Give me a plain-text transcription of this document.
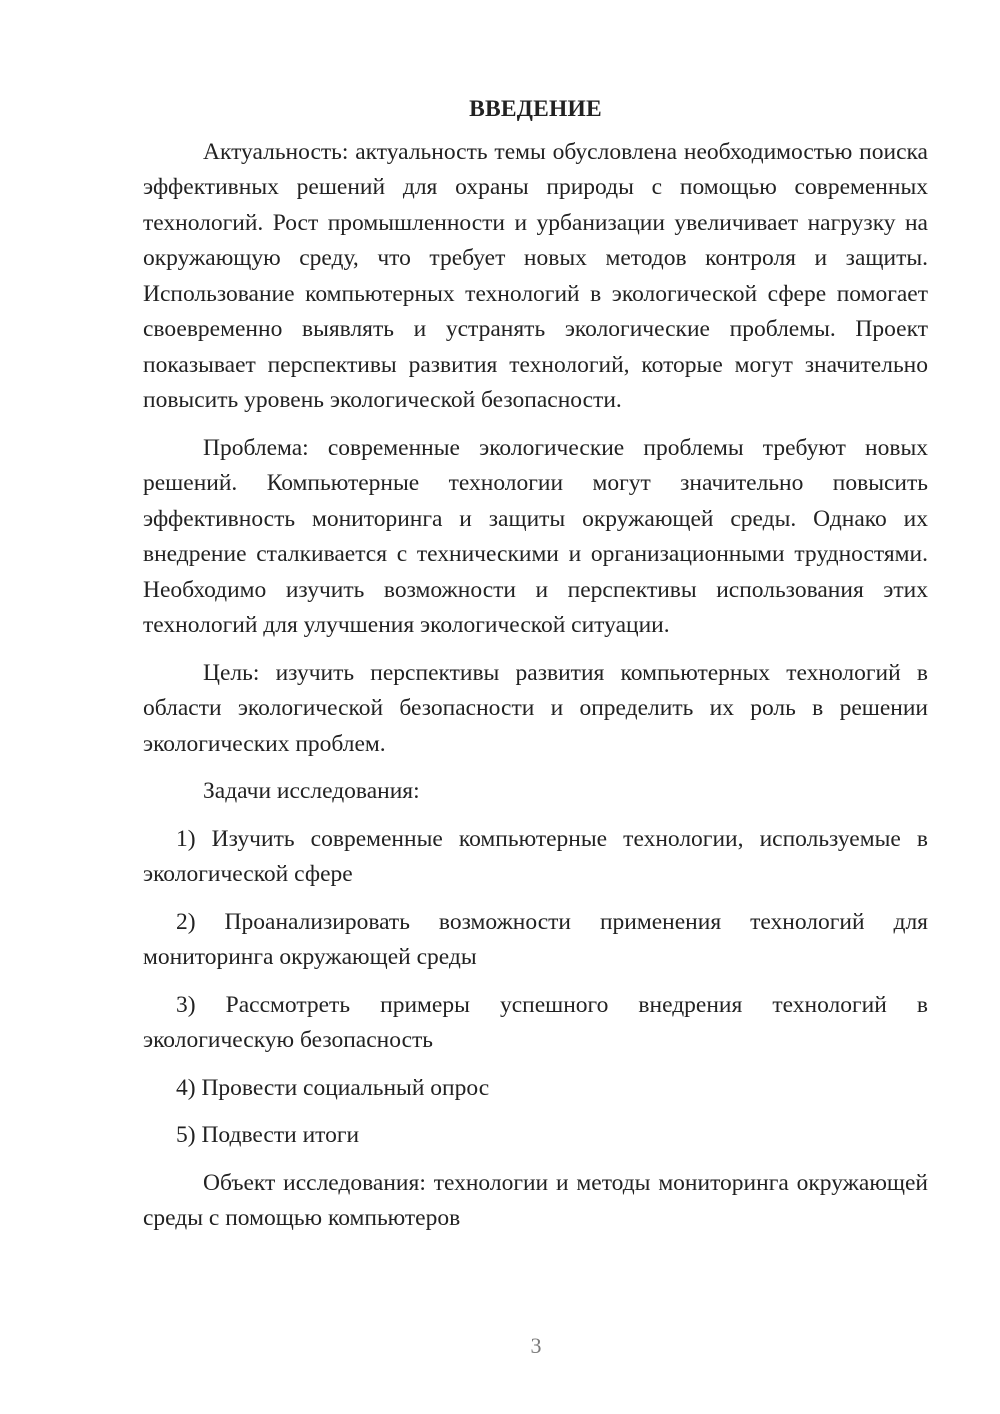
ВВЕДЕНИЕ

Актуальность: актуальность темы обусловлена необходимостью поиска эффективных решений для охраны природы с помощью современных технологий. Рост промышленности и урбанизации увеличивает нагрузку на окружающую среду, что требует новых методов контроля и защиты. Использование компьютерных технологий в экологической сфере помогает своевременно выявлять и устранять экологические проблемы. Проект показывает перспективы развития технологий, которые могут значительно повысить уровень экологической безопасности.

Проблема: современные экологические проблемы требуют новых решений. Компьютерные технологии могут значительно повысить эффективность мониторинга и защиты окружающей среды. Однако их внедрение сталкивается с техническими и организационными трудностями. Необходимо изучить возможности и перспективы использования этих технологий для улучшения экологической ситуации.

Цель: изучить перспективы развития компьютерных технологий в области экологической безопасности и определить их роль в решении экологических проблем.

Задачи исследования:

1) Изучить современные компьютерные технологии, используемые в экологической сфере

2) Проанализировать возможности применения технологий для мониторинга окружающей среды

3) Рассмотреть примеры успешного внедрения технологий в экологическую безопасность

4) Провести социальный опрос

5) Подвести итоги

Объект исследования: технологии и методы мониторинга окружающей среды с помощью компьютеров

3
